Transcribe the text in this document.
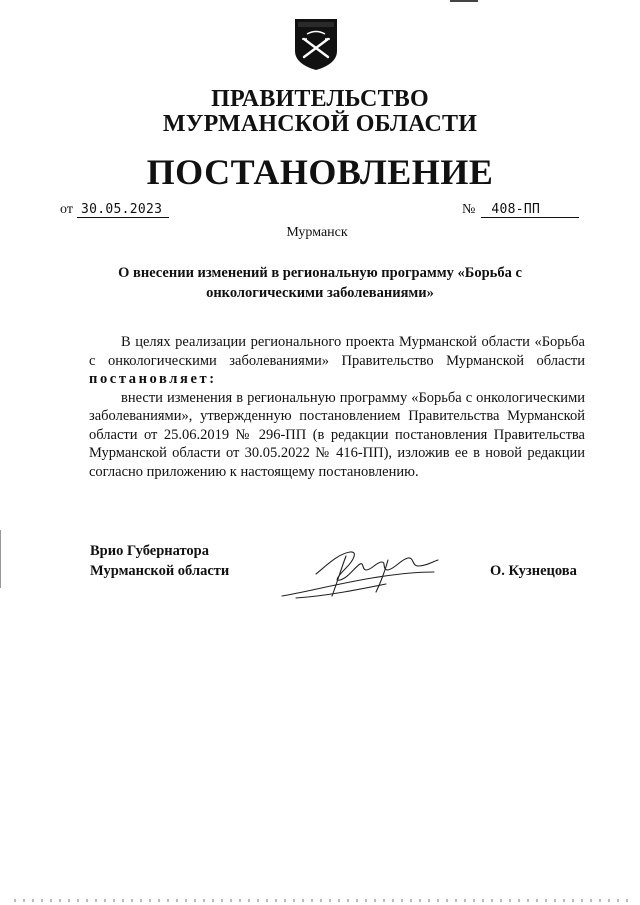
ПРАВИТЕЛЬСТВО
МУРМАНСКОЙ ОБЛАСТИ
ПОСТАНОВЛЕНИЕ
от 30.05.2023	№ 408-ПП
Мурманск
О внесении изменений в региональную программу «Борьба с
онкологическими заболеваниями»

В целях реализации регионального проекта Мурманской области «Борьба с онкологическими заболеваниями» Правительство Мурманской области постановляет:

внести изменения в региональную программу «Борьба с онкологическими заболеваниями», утвержденную постановлением Правительства Мурманской области от 25.06.2019 № 296-ПП (в редакции постановления Правительства Мурманской области от 30.05.2022 № 416-ПП), изложив ее в новой редакции согласно приложению к настоящему постановлению.

Врио Губернатора
Мурманской области	О. Кузнецова
